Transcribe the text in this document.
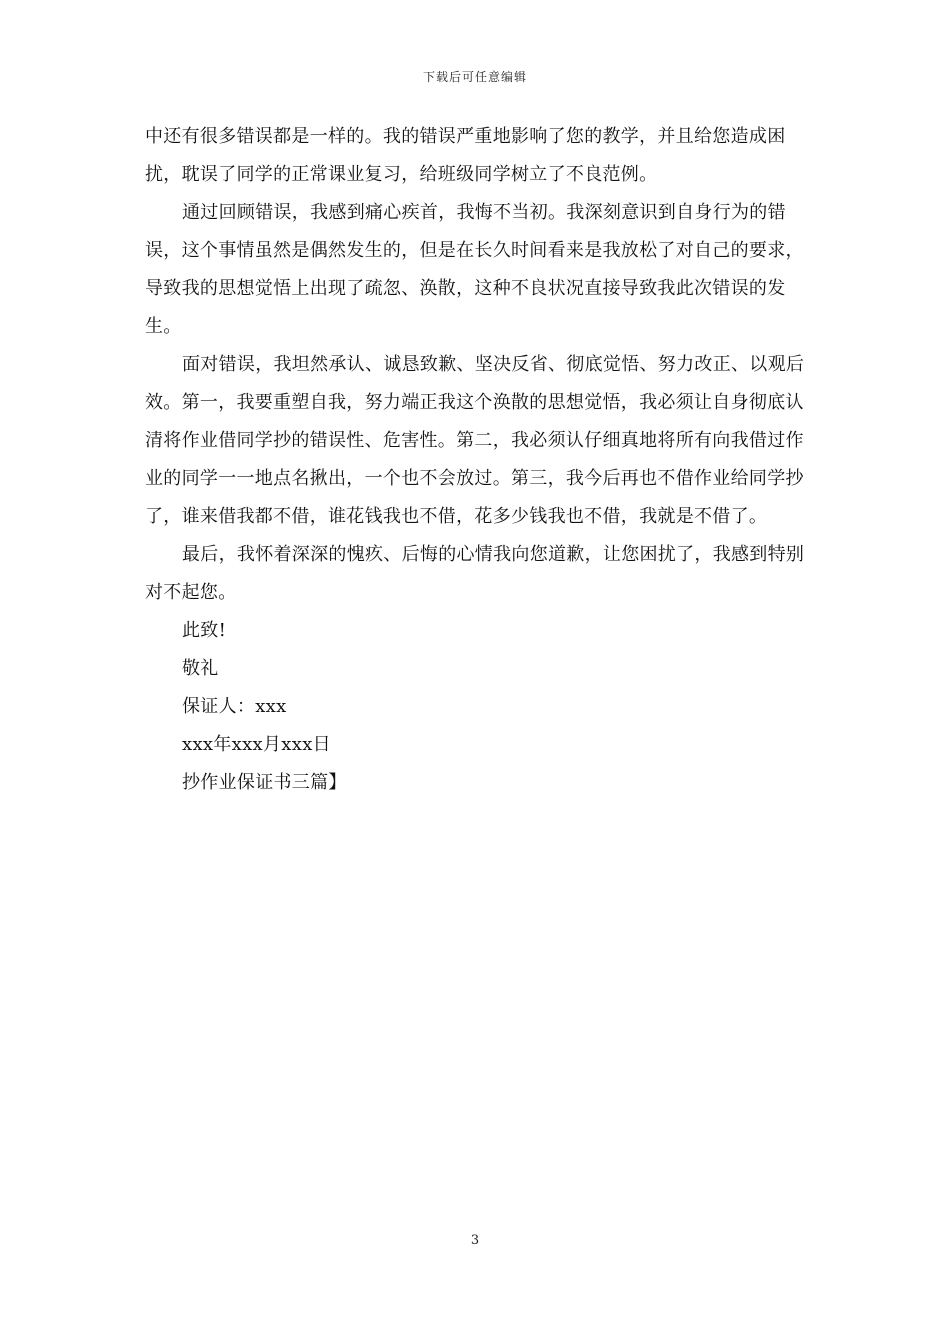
下载后可任意编辑

中还有很多错误都是一样的。我的错误严重地影响了您的教学，并且给您造成困扰，耽误了同学的正常课业复习，给班级同学树立了不良范例。

通过回顾错误，我感到痛心疾首，我悔不当初。我深刻意识到自身行为的错误，这个事情虽然是偶然发生的，但是在长久时间看来是我放松了对自己的要求，导致我的思想觉悟上出现了疏忽、涣散，这种不良状况直接导致我此次错误的发生。

面对错误，我坦然承认、诚恳致歉、坚决反省、彻底觉悟、努力改正、以观后效。第一，我要重塑自我，努力端正我这个涣散的思想觉悟，我必须让自身彻底认清将作业借同学抄的错误性、危害性。第二，我必须认仔细真地将所有向我借过作业的同学一一地点名揪出，一个也不会放过。第三，我今后再也不借作业给同学抄了，谁来借我都不借，谁花钱我也不借，花多少钱我也不借，我就是不借了。

最后，我怀着深深的愧疚、后悔的心情我向您道歉，让您困扰了，我感到特别对不起您。

此致!

敬礼

保证人：xxx

xxx年xxx月xxx日

抄作业保证书三篇】

3
